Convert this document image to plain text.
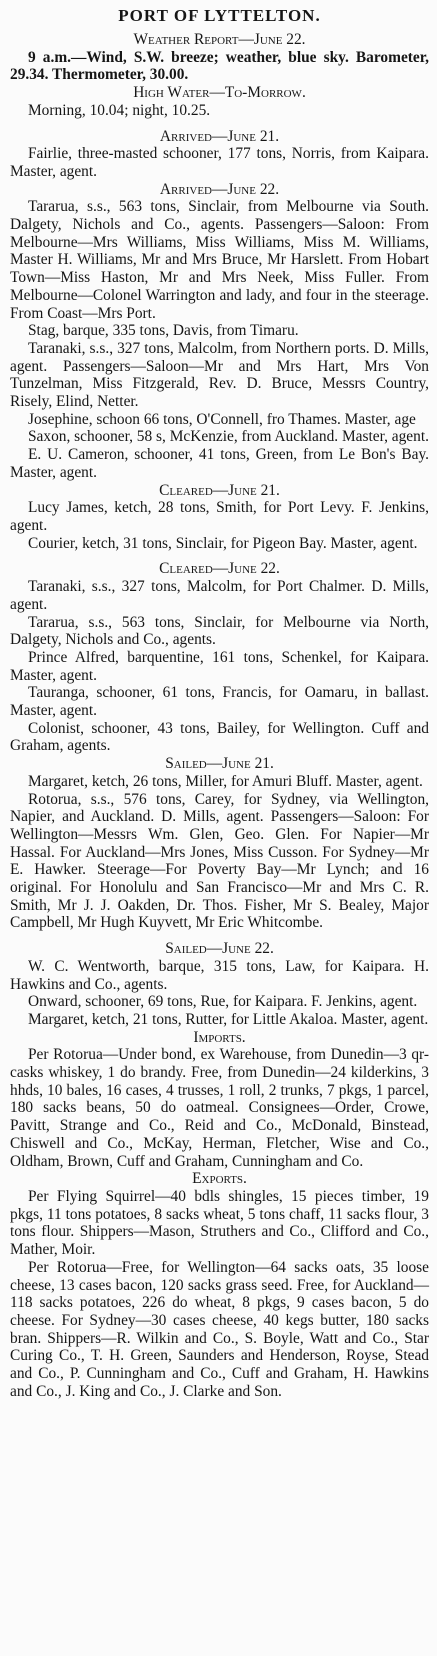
PORT OF LYTTELTON.
Weather Report—June 22.

9 a.m.—Wind, S.W. breeze; weather, blue sky. Barometer, 29.34. Thermometer, 30.00.

High Water—To-Morrow.

Morning, 10.04; night, 10.25.

Arrived—June 21.

Fairlie, three-masted schooner, 177 tons, Norris, from Kaipara. Master, agent.

Arrived—June 22.

Tararua, s.s., 563 tons, Sinclair, from Melbourne via South. Dalgety, Nichols and Co., agents. Passengers—Saloon: From Melbourne—Mrs Williams, Miss Williams, Miss M. Williams, Master H. Williams, Mr and Mrs Bruce, Mr Harslett. From Hobart Town—Miss Haston, Mr and Mrs Neek, Miss Fuller. From Melbourne—Colonel Warrington and lady, and four in the steerage. From Coast—Mrs Port.

Stag, barque, 335 tons, Davis, from Timaru.

Taranaki, s.s., 327 tons, Malcolm, from Northern ports. D. Mills, agent. Passengers—Saloon—Mr and Mrs Hart, Mrs Von Tunzelman, Miss Fitzgerald, Rev. D. Bruce, Messrs Country, Risely, Elind, Netter.

Josephine, schoon 66 tons, O'Connell, fro Thames. Master, age

Saxon, schooner, 58 s, McKenzie, from Auckland. Master, agent.

E. U. Cameron, schooner, 41 tons, Green, from Le Bon's Bay. Master, agent.

Cleared—June 21.

Lucy James, ketch, 28 tons, Smith, for Port Levy. F. Jenkins, agent.

Courier, ketch, 31 tons, Sinclair, for Pigeon Bay. Master, agent.

Cleared—June 22.

Taranaki, s.s., 327 tons, Malcolm, for Port Chalmer. D. Mills, agent.

Tararua, s.s., 563 tons, Sinclair, for Melbourne via North, Dalgety, Nichols and Co., agents.

Prince Alfred, barquentine, 161 tons, Schenkel, for Kaipara. Master, agent.

Tauranga, schooner, 61 tons, Francis, for Oamaru, in ballast. Master, agent.

Colonist, schooner, 43 tons, Bailey, for Wellington. Cuff and Graham, agents.

Sailed—June 21.

Margaret, ketch, 26 tons, Miller, for Amuri Bluff. Master, agent.

Rotorua, s.s., 576 tons, Carey, for Sydney, via Wellington, Napier, and Auckland. D. Mills, agent. Passengers—Saloon: For Wellington—Messrs Wm. Glen, Geo. Glen. For Napier—Mr Hassal. For Auckland—Mrs Jones, Miss Cusson. For Sydney—Mr E. Hawker. Steerage—For Poverty Bay—Mr Lynch; and 16 original. For Honolulu and San Francisco—Mr and Mrs C. R. Smith, Mr J. J. Oakden, Dr. Thos. Fisher, Mr S. Bealey, Major Campbell, Mr Hugh Kuyvett, Mr Eric Whitcombe.

Sailed—June 22.

W. C. Wentworth, barque, 315 tons, Law, for Kaipara. H. Hawkins and Co., agents.

Onward, schooner, 69 tons, Rue, for Kaipara. F. Jenkins, agent.

Margaret, ketch, 21 tons, Rutter, for Little Akaloa. Master, agent.

Imports.

Per Rotorua—Under bond, ex Warehouse, from Dunedin—3 qr-casks whiskey, 1 do brandy. Free, from Dunedin—24 kilderkins, 3 hhds, 10 bales, 16 cases, 4 trusses, 1 roll, 2 trunks, 7 pkgs, 1 parcel, 180 sacks beans, 50 do oatmeal. Consignees—Order, Crowe, Pavitt, Strange and Co., Reid and Co., McDonald, Binstead, Chiswell and Co., McKay, Herman, Fletcher, Wise and Co., Oldham, Brown, Cuff and Graham, Cunningham and Co.

Exports.

Per Flying Squirrel—40 bdls shingles, 15 pieces timber, 19 pkgs, 11 tons potatoes, 8 sacks wheat, 5 tons chaff, 11 sacks flour, 3 tons flour. Shippers—Mason, Struthers and Co., Clifford and Co., Mather, Moir.

Per Rotorua—Free, for Wellington—64 sacks oats, 35 loose cheese, 13 cases bacon, 120 sacks grass seed. Free, for Auckland—118 sacks potatoes, 226 do wheat, 8 pkgs, 9 cases bacon, 5 do cheese. For Sydney—30 cases cheese, 40 kegs butter, 180 sacks bran. Shippers—R. Wilkin and Co., S. Boyle, Watt and Co., Star Curing Co., T. H. Green, Saunders and Henderson, Royse, Stead and Co., P. Cunningham and Co., Cuff and Graham, H. Hawkins and Co., J. King and Co., J. Clarke and Son.
